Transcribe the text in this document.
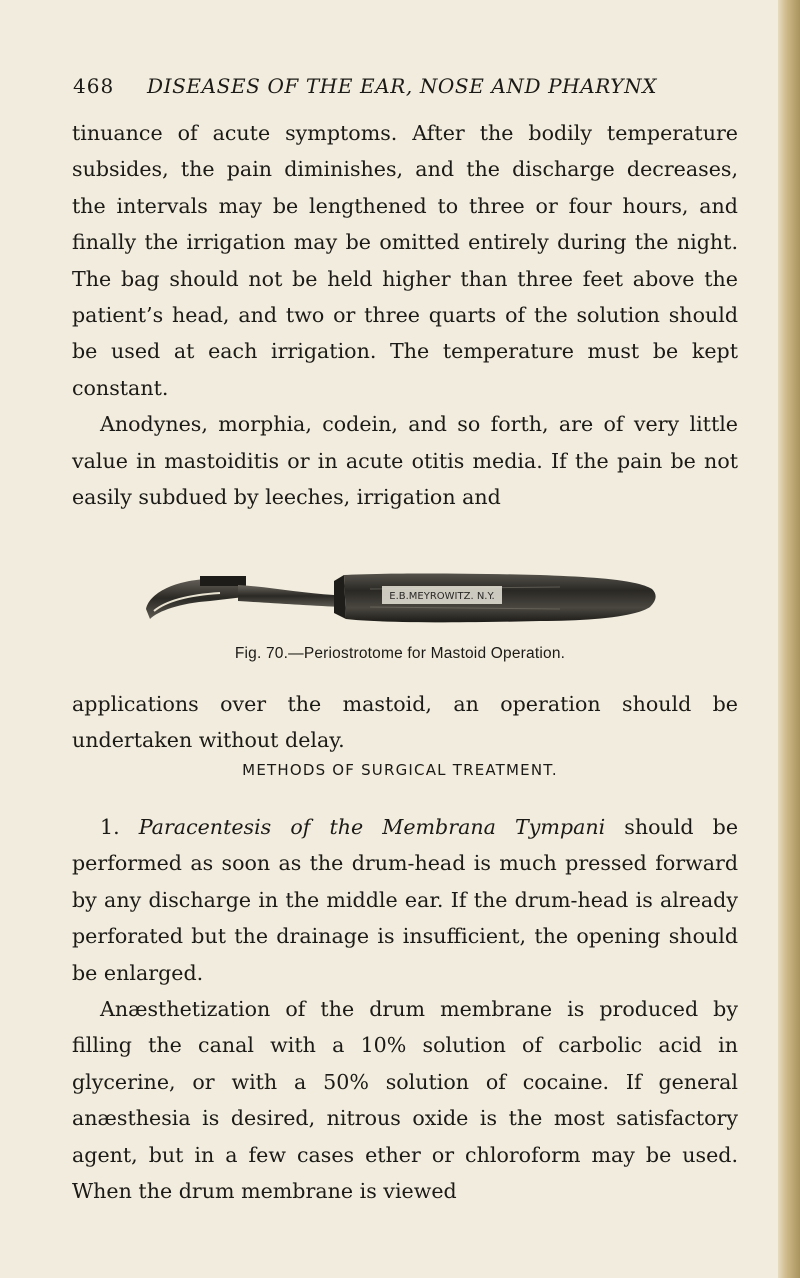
468 DISEASES OF THE EAR, NOSE AND PHARYNX

tinuance of acute symptoms. After the bodily temperature subsides, the pain diminishes, and the discharge decreases, the intervals may be lengthened to three or four hours, and finally the irrigation may be omitted entirely during the night. The bag should not be held higher than three feet above the patient’s head, and two or three quarts of the solution should be used at each irrigation. The temperature must be kept constant.

Anodynes, morphia, codein, and so forth, are of very little value in mastoiditis or in acute otitis media. If the pain be not easily subdued by leeches, irrigation and

E.B.MEYROWITZ. N.Y.
Fig. 70.—Periostrotome for Mastoid Operation.

applications over the mastoid, an operation should be undertaken without delay.

METHODS OF SURGICAL TREATMENT.

1. Paracentesis of the Membrana Tympani should be performed as soon as the drum-head is much pressed forward by any discharge in the middle ear. If the drum-head is already perforated but the drainage is insufficient, the opening should be enlarged.

Anæsthetization of the drum membrane is produced by filling the canal with a 10% solution of carbolic acid in glycerine, or with a 50% solution of cocaine. If general anæsthesia is desired, nitrous oxide is the most satisfactory agent, but in a few cases ether or chloroform may be used. When the drum membrane is viewed
